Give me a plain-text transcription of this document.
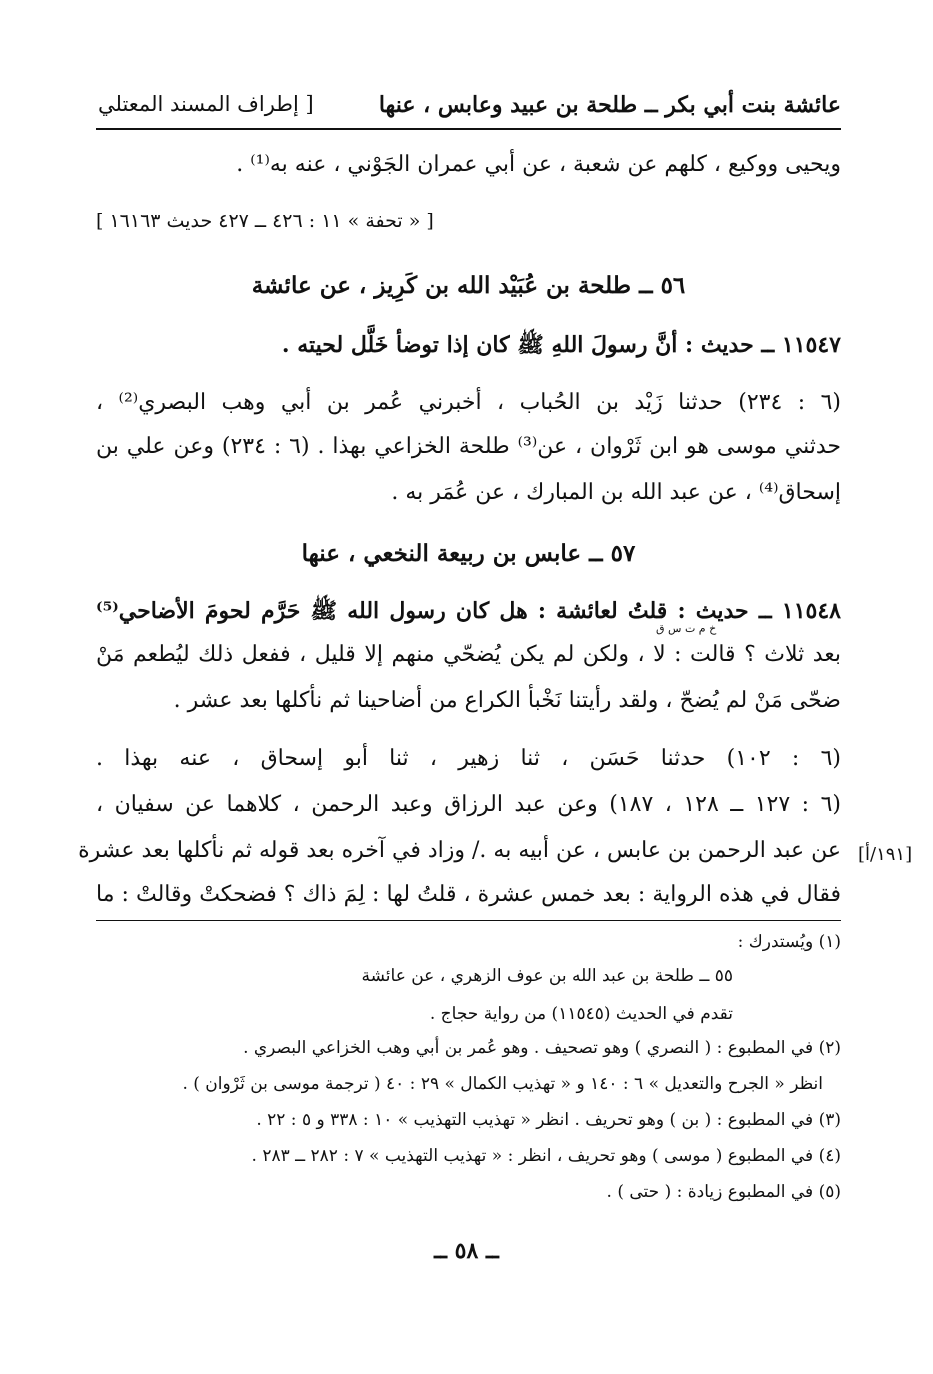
عائشة بنت أبي بكر ــ طلحة بن عبيد وعابس ، عنها
[ إطراف المسند المعتلي
ويحيى ووكيع ، كلهم عن شعبة ، عن أبي عمران الجَوْني ، عنه به⁽¹⁾ .
[ « تحفة » ١١ : ٤٢٦ ــ ٤٢٧ حديث ١٦١٦٣ ]
٥٦ ــ طلحة بن عُبَيْد الله بن كَرِيز ، عن عائشة
١١٥٤٧ ــ حديث : أنَّ رسولَ اللهِ ﷺ كان إذا توضأ خَلَّل لحيته .
(٦ : ٢٣٤) حدثنا زَيْد بن الحُباب ، أخبرني عُمر بن أبي وهب البصري⁽²⁾ ،
حدثني موسى هو ابن ثَرْوان ، عن⁽³⁾ طلحة الخزاعي بهذا . (٦ : ٢٣٤) وعن علي بن
إسحاق⁽⁴⁾ ، عن عبد الله بن المبارك ، عن عُمَر به .
٥٧ ــ عابس بن ربيعة النخعي ، عنها
١١٥٤٨ ــ حديث : قلتُ لعائشة : هل كان رسول الله ﷺ حَرَّم لحومَ الأضاحي⁽⁵⁾
خ م ت س ق
بعد ثلاث ؟ قالت : لا ، ولكن لم يكن يُضحّي منهم إلا قليل ، ففعل ذلك ليُطعم مَنْ
ضحّى مَنْ لم يُضحّ ، ولقد رأيتنا نَخْبأ الكراع من أضاحينا ثم نأكلها بعد عشر .
(٦ : ١٠٢) حدثنا حَسَن ، ثنا زهير ، ثنا أبو إسحاق ، عنه بهذا .
(٦ : ١٢٧ ــ ١٢٨ ، ١٨٧) وعن عبد الرزاق وعبد الرحمن ، كلاهما عن سفيان ،
عن عبد الرحمن بن عابس ، عن أبيه به ./ وزاد في آخره بعد قوله ثم نأكلها بعد عشرة
فقال في هذه الرواية : بعد خمس عشرة ، قلتُ لها : لِمَ ذاك ؟ فضحكتْ وقالتْ : ما
[١٩١/أ]
(١) ويُستدرك :
٥٥ ــ طلحة بن عبد الله بن عوف الزهري ، عن عائشة
تقدم في الحديث (١١٥٤٥) من رواية حجاج .
(٢) في المطبوع : ( النصري ) وهو تصحيف . وهو عُمر بن أبي وهب الخزاعي البصري .
انظر « الجرح والتعديل » ٦ : ١٤٠ و « تهذيب الكمال » ٢٩ : ٤٠ ( ترجمة موسى بن ثَرْوان ) .
(٣) في المطبوع : ( بن ) وهو تحريف . انظر « تهذيب التهذيب » ١٠ : ٣٣٨ و ٥ : ٢٢ .
(٤) في المطبوع ( موسى ) وهو تحريف ، انظر : « تهذيب التهذيب » ٧ : ٢٨٢ ــ ٢٨٣ .
(٥) في المطبوع زيادة : ( حتى ) .
ــ ٥٨ ــ
